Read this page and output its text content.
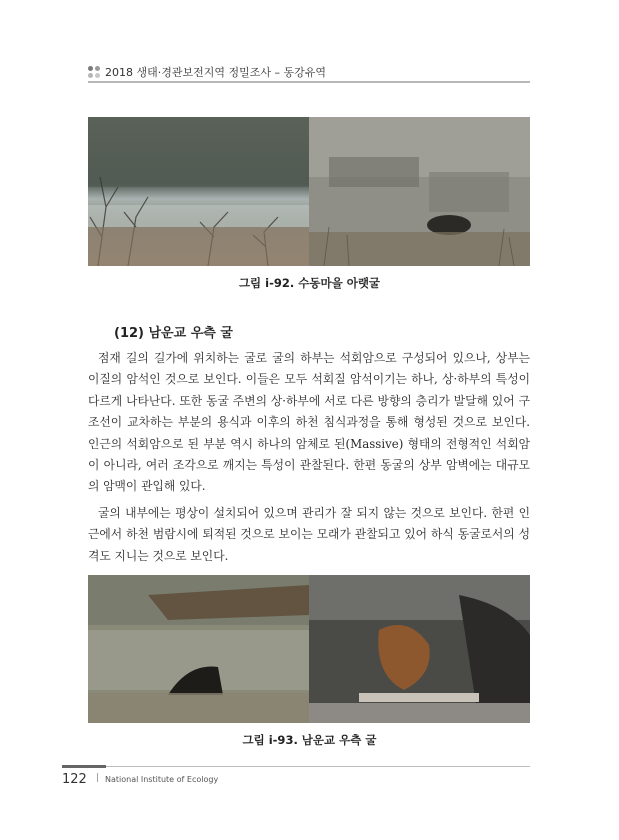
2018 생태·경관보전지역 정밀조사 – 동강유역
그림 i-92. 수동마을 아랫굴
(12) 남운교 우측 굴

점재 길의 길가에 위치하는 굴로 굴의 하부는 석회암으로 구성되어 있으나, 상부는 이질의 암석인 것으로 보인다. 이들은 모두 석회질 암석이기는 하나, 상·하부의 특성이 다르게 나타난다. 또한 동굴 주변의 상·하부에 서로 다른 방향의 층리가 발달해 있어 구조선이 교차하는 부분의 용식과 이후의 하천 침식과정을 통해 형성된 것으로 보인다. 인근의 석회암으로 된 부분 역시 하나의 암체로 된(Massive) 형태의 전형적인 석회암이 아니라, 여러 조각으로 깨지는 특성이 관찰된다. 한편 동굴의 상부 암벽에는 대규모의 암맥이 관입해 있다.

굴의 내부에는 평상이 설치되어 있으며 관리가 잘 되지 않는 것으로 보인다. 한편 인근에서 하천 범람시에 퇴적된 것으로 보이는 모래가 관찰되고 있어 하식 동굴로서의 성격도 지니는 것으로 보인다.

그림 i-93. 남운교 우측 굴
122 | National Institute of Ecology
